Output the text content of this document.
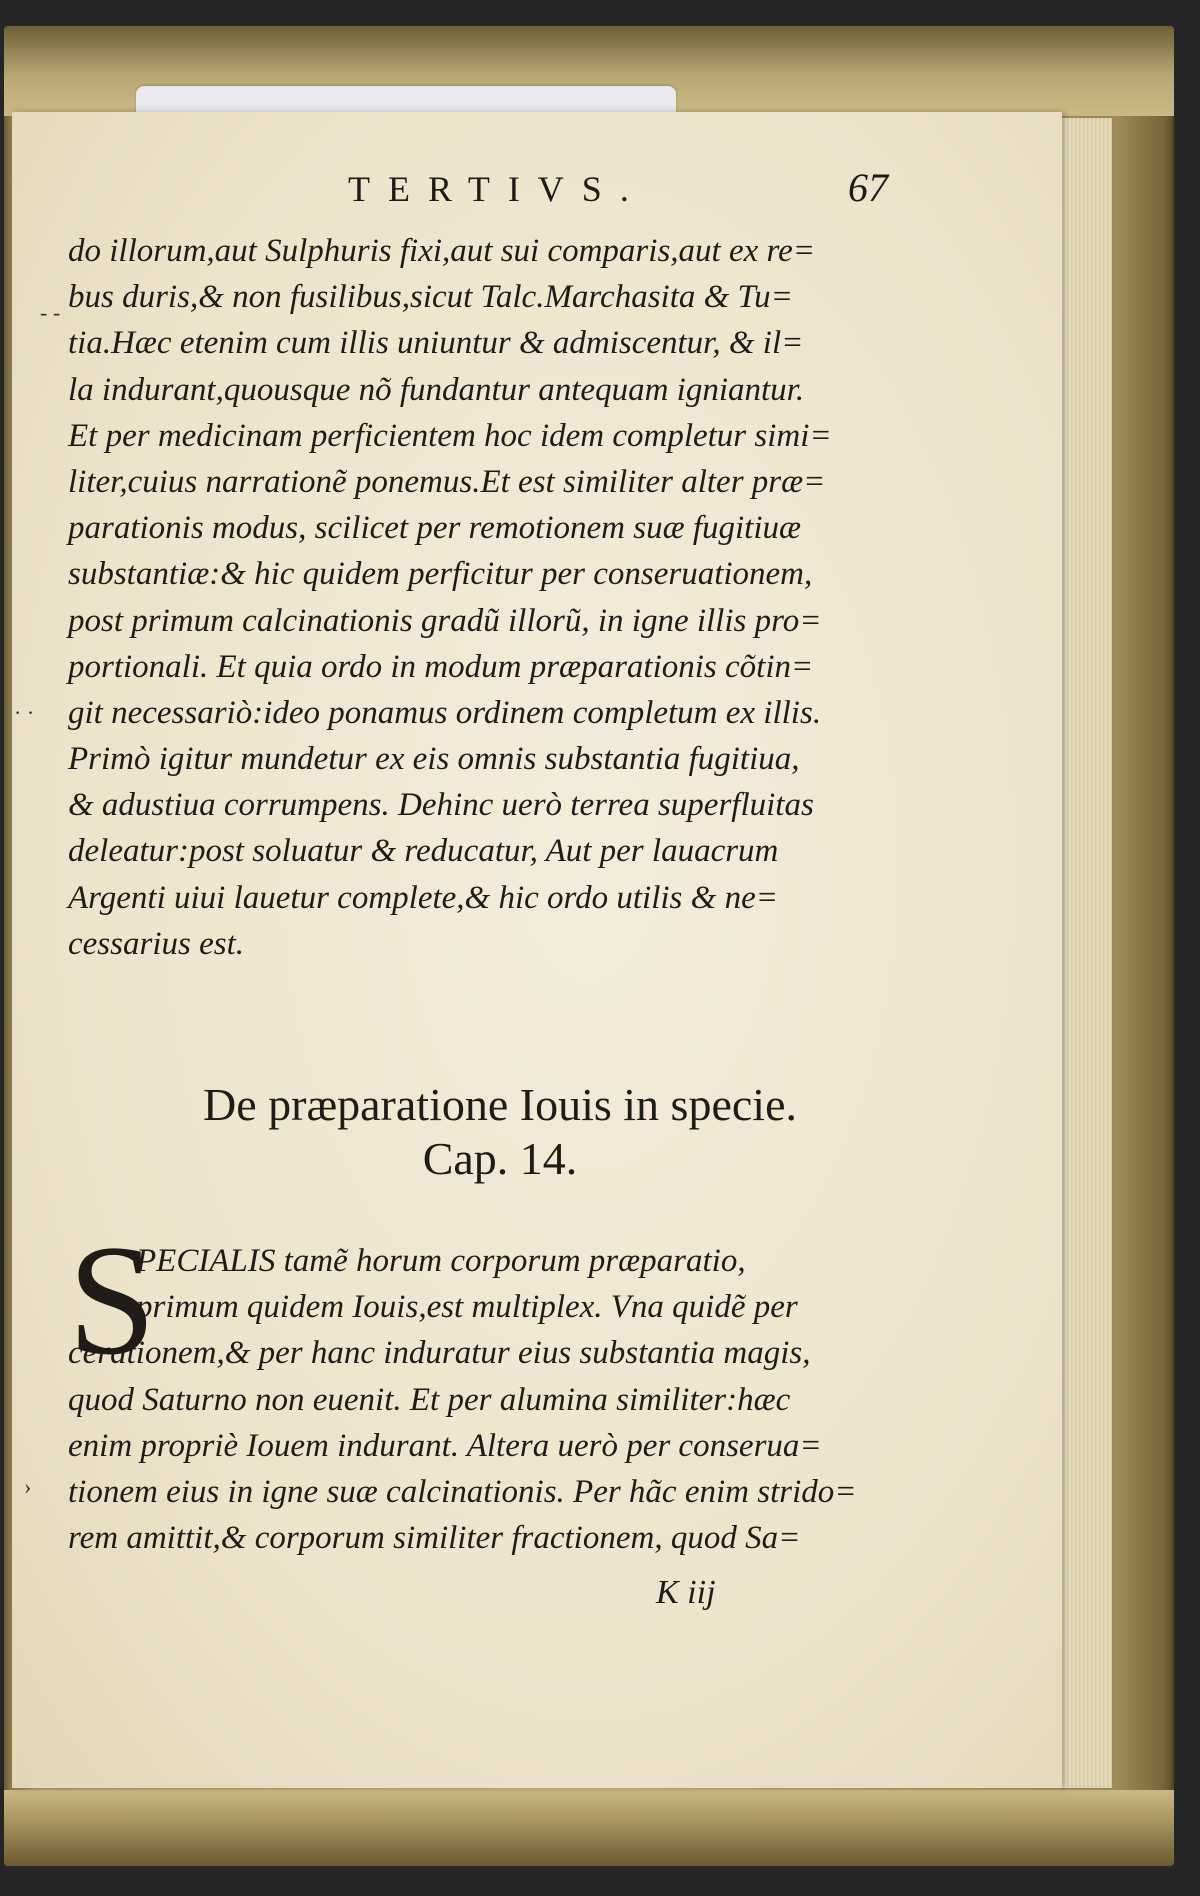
TERTIVS.	67
- -
· ·
›
do illorum,aut Sulphuris fixi,aut sui comparis,aut ex re=
bus duris,& non fusilibus,sicut Talc.Marchasita & Tu=
tia.Hæc etenim cum illis uniuntur & admiscentur, & il=
la indurant,quousque nõ fundantur antequam igniantur.
Et per medicinam perficientem hoc idem completur simi=
liter,cuius narrationẽ ponemus.Et est similiter alter præ=
parationis modus, scilicet per remotionem suæ fugitiuæ
substantiæ:& hic quidem perficitur per conseruationem,
post primum calcinationis gradũ illorũ, in igne illis pro=
portionali. Et quia ordo in modum præparationis cõtin=
git necessariò:ideo ponamus ordinem completum ex illis.
Primò igitur mundetur ex eis omnis substantia fugitiua,
& adustiua corrumpens. Dehinc uerò terrea superfluitas
deleatur:post soluatur & reducatur, Aut per lauacrum
Argenti uiui lauetur complete,& hic ordo utilis & ne=
cessarius est.
De præparatione Iouis in specie.
Cap. 14.
S
PECIALIS tamẽ horum corporum præparatio,
primum quidem Iouis,est multiplex. Vna quidẽ per
cerationem,& per hanc induratur eius substantia magis,
quod Saturno non euenit. Et per alumina similiter:hæc
enim propriè Iouem indurant. Altera uerò per conserua=
tionem eius in igne suæ calcinationis. Per hãc enim strido=
rem amittit,& corporum similiter fractionem, quod Sa=
K iij
